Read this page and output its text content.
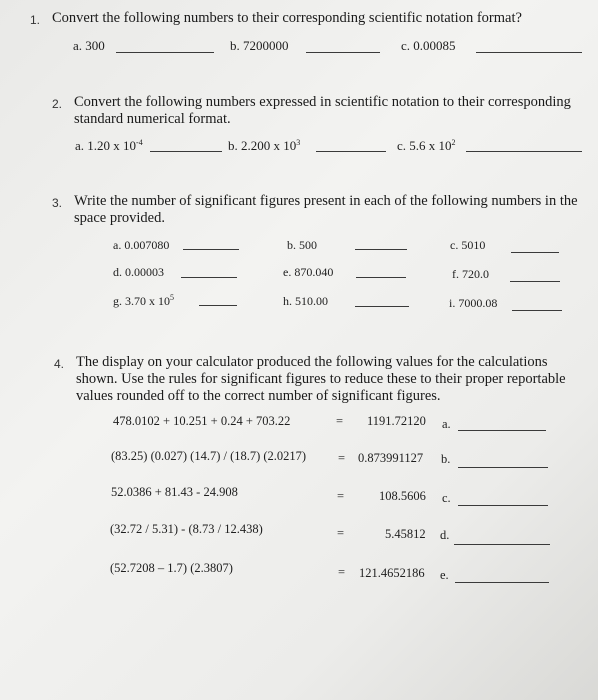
1. Convert the following numbers to their corresponding scientific notation format?
a. 300	b. 7200000	c. 0.00085
2. Convert the following numbers expressed in scientific notation to their corresponding
standard numerical format.
a. 1.20 x $10^{-4}$	b. 2.200 x $10^3$	c. 5.6 x $10^2$
3. Write the number of significant figures present in each of the following numbers in the
space provided.
a. 0.007080	b. 500	c. 5010
d. 0.00003	e. 870.040	f. 720.0
g. 3.70 x $10^5$	h. 510.00	i. 7000.08
4. The display on your calculator produced the following values for the calculations
shown. Use the rules for significant figures to reduce these to their proper reportable
values rounded off to the correct number of significant figures.
478.0102 + 10.251 + 0.24 + 703.22	= 1191.72120 a.
(83.25) (0.027) (14.7) / (18.7) (2.0217)	= 0.873991127 b.
52.0386 + 81.43 - 24.908	=	108.5606 c.
(32.72 / 5.31) - (8.73 / 12.438)	=	5.45812 d.
(52.7208 – 1.7) (2.3807)	= 121.4652186 e.
